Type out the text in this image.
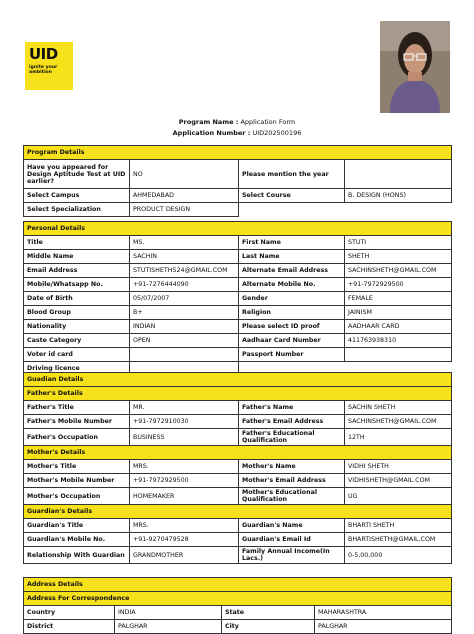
UID
ignite your
ambition
Program Name : Application Form
Application Number : UID202500196
Program Details			
Have you appeared for Design Aptitude Test at UID earlier?	NO	Please mention the year	
Select Campus	AHMEDABAD	Select Course	B. DESIGN (HONS)
Select Specialization	PRODUCT DESIGN		
Personal Details			
Title	MS.	First Name	STUTI
Middle Name	SACHIN	Last Name	SHETH
Email Address	STUTISHETH524@GMAIL.COM	Alternate Email Address	SACHINSHETH@GMAIL.COM
Mobile/Whatsapp No.	+91-7276444090	Alternate Mobile No.	+91-7972929500
Date of Birth	05/07/2007	Gender	FEMALE
Blood Group	B+	Religion	JAINISM
Nationality	INDIAN	Please select ID proof	AADHAAR CARD
Caste Category	OPEN	Aadhaar Card Number	411763938310
Voter id card		Passport Number	
Driving licence			
Guadian Details			
Father's Details			
Father's Title	MR.	Father's Name	SACHIN SHETH
Father's Mobile Number	+91-7972910030	Father's Email Address	SACHINSHETH@GMAIL.COM
Father's Occupation	BUSINESS	Father's Educational Qualification	12TH
Mother's Details			
Mother's Title	MRS.	Mother's Name	VIDHI SHETH
Mother's Mobile Number	+91-7972929500	Mother's Email Address	VIDHISHETH@GMAIL.COM
Mother's Occupation	HOMEMAKER	Mother's Educational Qualification	UG
Guardian's Details			
Guardian's Title	MRS.	Guardian's Name	BHARTI SHETH
Guardian's Mobile No.	+91-9270479528	Guardian's Email Id	BHARTISHETH@GMAIL.COM
Relationship With Guardian	GRANDMOTHER	Family Annual Income(In Lacs.)	0-5,00,000
Address Details			
Address For Correspondence			
Country	INDIA	State	MAHARASHTRA
District	PALGHAR	City	PALGHAR
